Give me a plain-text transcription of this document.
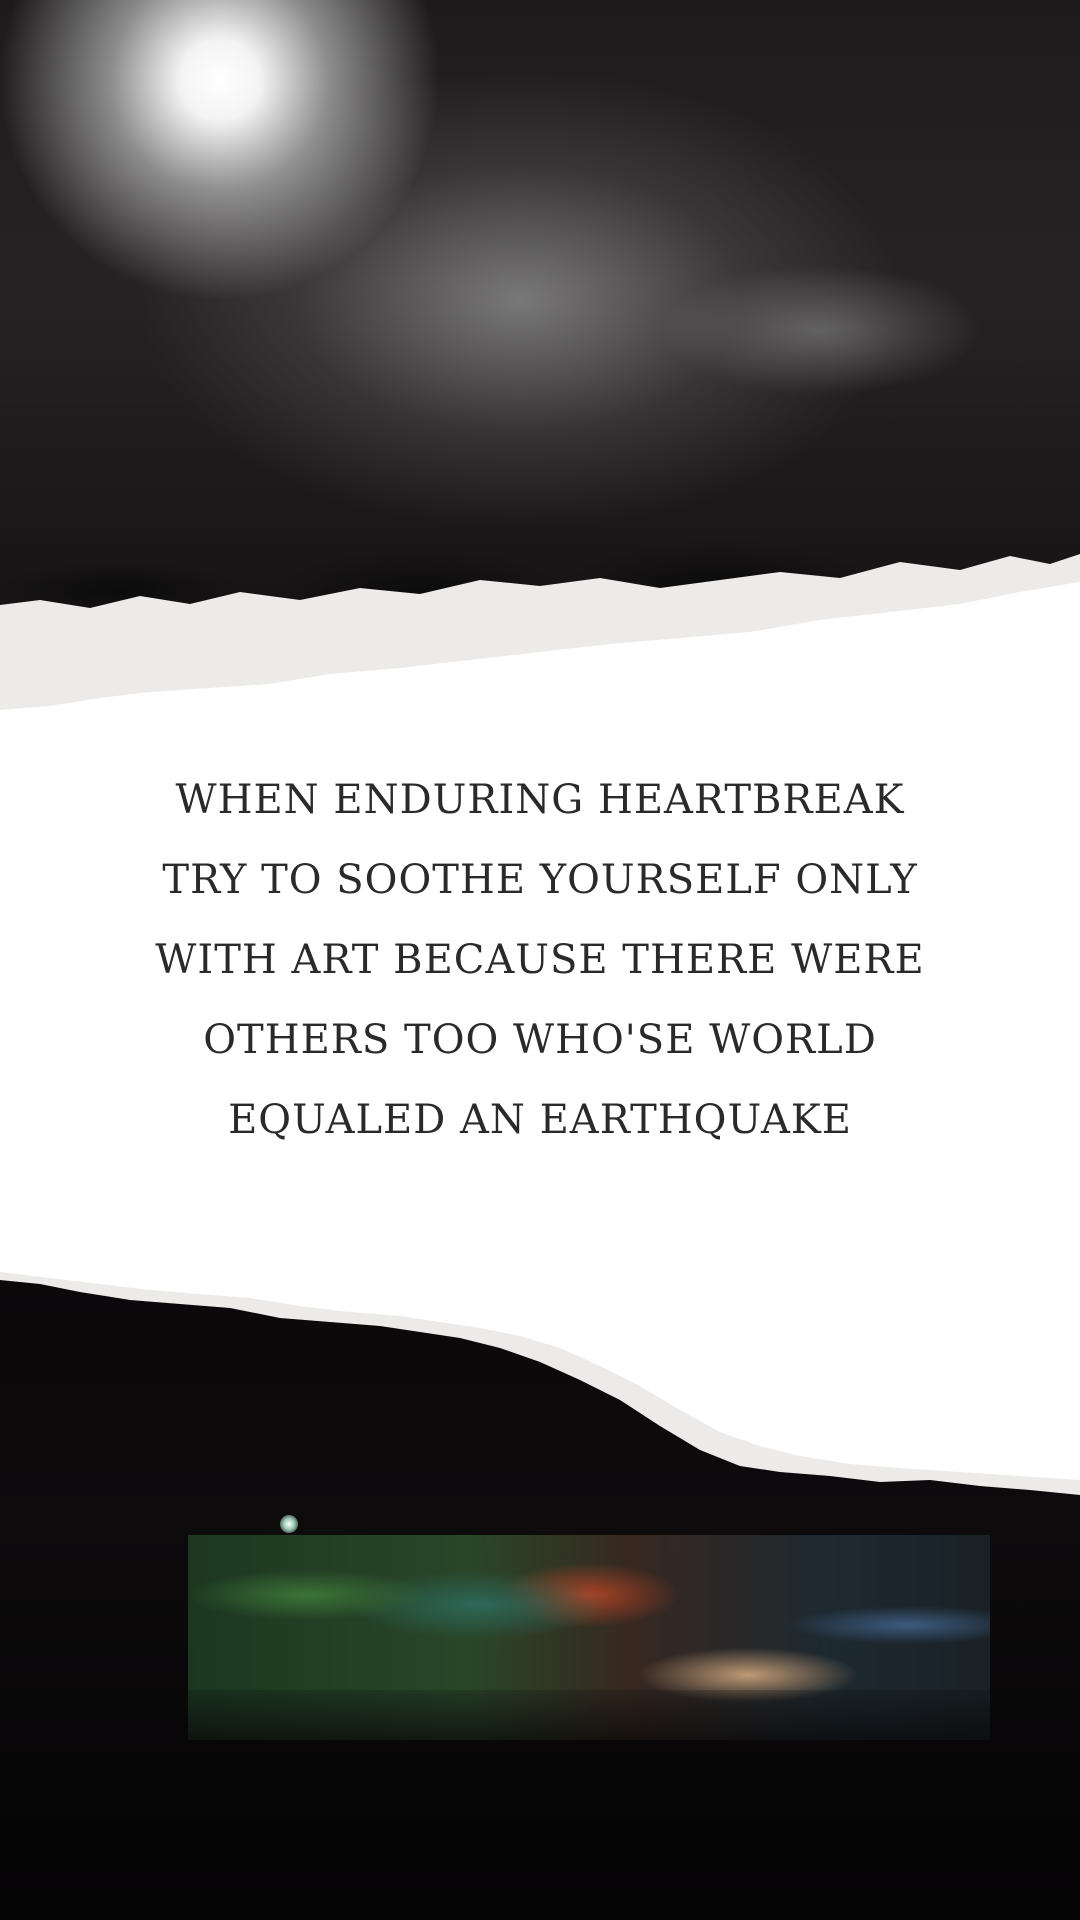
WHEN ENDURING HEARTBREAK
TRY TO SOOTHE YOURSELF ONLY
WITH ART BECAUSE THERE WERE
OTHERS TOO WHO'SE WORLD
EQUALED AN EARTHQUAKE
